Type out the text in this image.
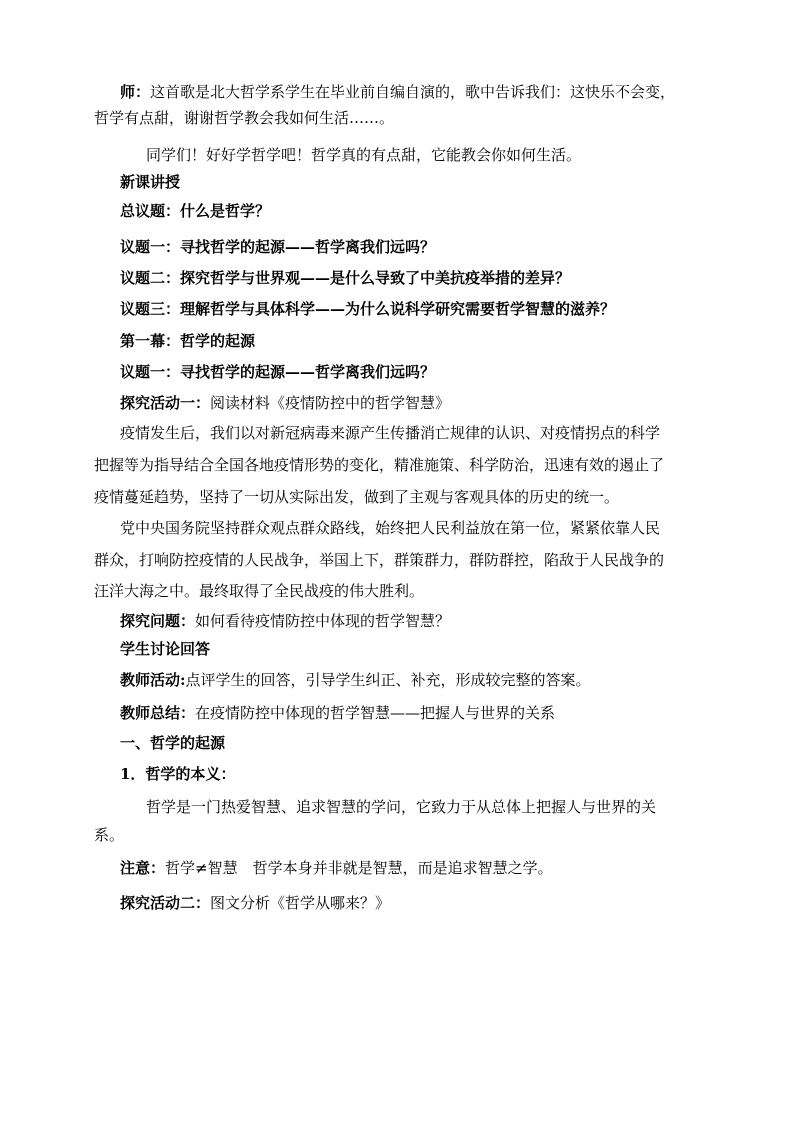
师：这首歌是北大哲学系学生在毕业前自编自演的，歌中告诉我们：这快乐不会变，
哲学有点甜，谢谢哲学教会我如何生活……。
同学们！好好学哲学吧！哲学真的有点甜，它能教会你如何生活。
新课讲授
总议题：什么是哲学？
议题一：寻找哲学的起源——哲学离我们远吗？
议题二：探究哲学与世界观——是什么导致了中美抗疫举措的差异？
议题三：理解哲学与具体科学——为什么说科学研究需要哲学智慧的滋养？
第一幕：哲学的起源
议题一：寻找哲学的起源——哲学离我们远吗？
探究活动一：阅读材料《疫情防控中的哲学智慧》
疫情发生后，我们以对新冠病毒来源产生传播消亡规律的认识、对疫情拐点的科学
把握等为指导结合全国各地疫情形势的变化，精准施策、科学防治，迅速有效的遏止了
疫情蔓延趋势，坚持了一切从实际出发，做到了主观与客观具体的历史的统一。
党中央国务院坚持群众观点群众路线，始终把人民利益放在第一位，紧紧依靠人民
群众，打响防控疫情的人民战争，举国上下，群策群力，群防群控，陷敌于人民战争的
汪洋大海之中。最终取得了全民战疫的伟大胜利。
探究问题：如何看待疫情防控中体现的哲学智慧？
学生讨论回答
教师活动:点评学生的回答，引导学生纠正、补充，形成较完整的答案。
教师总结：在疫情防控中体现的哲学智慧——把握人与世界的关系
一、哲学的起源
1．哲学的本义：
哲学是一门热爱智慧、追求智慧的学问，它致力于从总体上把握人与世界的关
系。
注意：哲学≠智慧　哲学本身并非就是智慧，而是追求智慧之学。
探究活动二：图文分析《哲学从哪来？》
